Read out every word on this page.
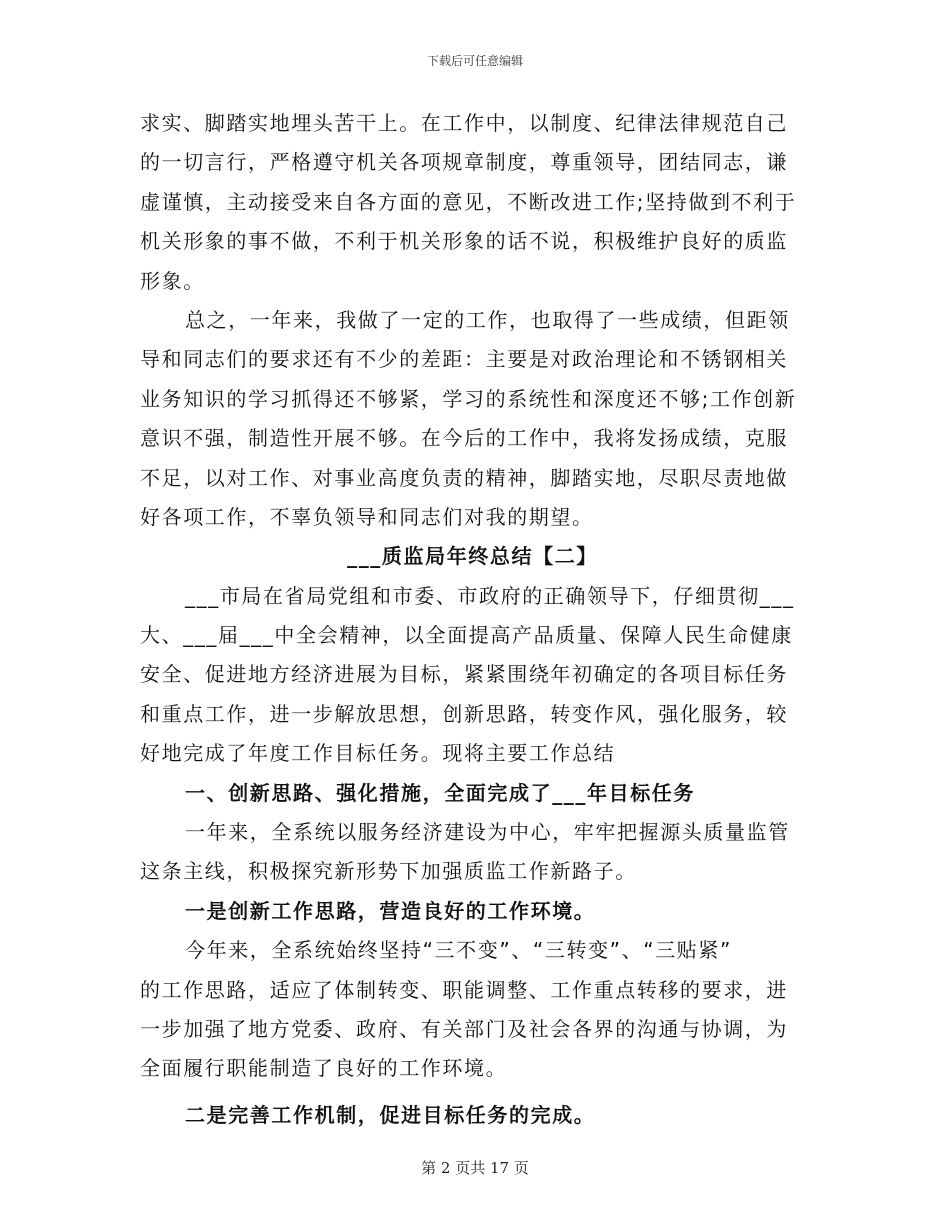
下载后可任意编辑
求实、脚踏实地埋头苦干上。在工作中，以制度、纪律法律规范自己
的一切言行，严格遵守机关各项规章制度，尊重领导，团结同志，谦
虚谨慎，主动接受来自各方面的意见，不断改进工作;坚持做到不利于
机关形象的事不做，不利于机关形象的话不说，积极维护良好的质监
形象。
总之，一年来，我做了一定的工作，也取得了一些成绩，但距领
导和同志们的要求还有不少的差距：主要是对政治理论和不锈钢相关
业务知识的学习抓得还不够紧，学习的系统性和深度还不够;工作创新
意识不强，制造性开展不够。在今后的工作中，我将发扬成绩，克服
不足，以对工作、对事业高度负责的精神，脚踏实地，尽职尽责地做
好各项工作，不辜负领导和同志们对我的期望。
___质监局年终总结【二】
___市局在省局党组和市委、市政府的正确领导下，仔细贯彻___
大、___届___中全会精神，以全面提高产品质量、保障人民生命健康
安全、促进地方经济进展为目标，紧紧围绕年初确定的各项目标任务
和重点工作，进一步解放思想，创新思路，转变作风，强化服务，较
好地完成了年度工作目标任务。现将主要工作总结
一、创新思路、强化措施，全面完成了___年目标任务
一年来，全系统以服务经济建设为中心，牢牢把握源头质量监管
这条主线，积极探究新形势下加强质监工作新路子。
一是创新工作思路，营造良好的工作环境。
今年来，全系统始终坚持“三不变”、“三转变”、“三贴紧”
的工作思路，适应了体制转变、职能调整、工作重点转移的要求，进
一步加强了地方党委、政府、有关部门及社会各界的沟通与协调，为
全面履行职能制造了良好的工作环境。
二是完善工作机制，促进目标任务的完成。
第 2 页共 17 页
